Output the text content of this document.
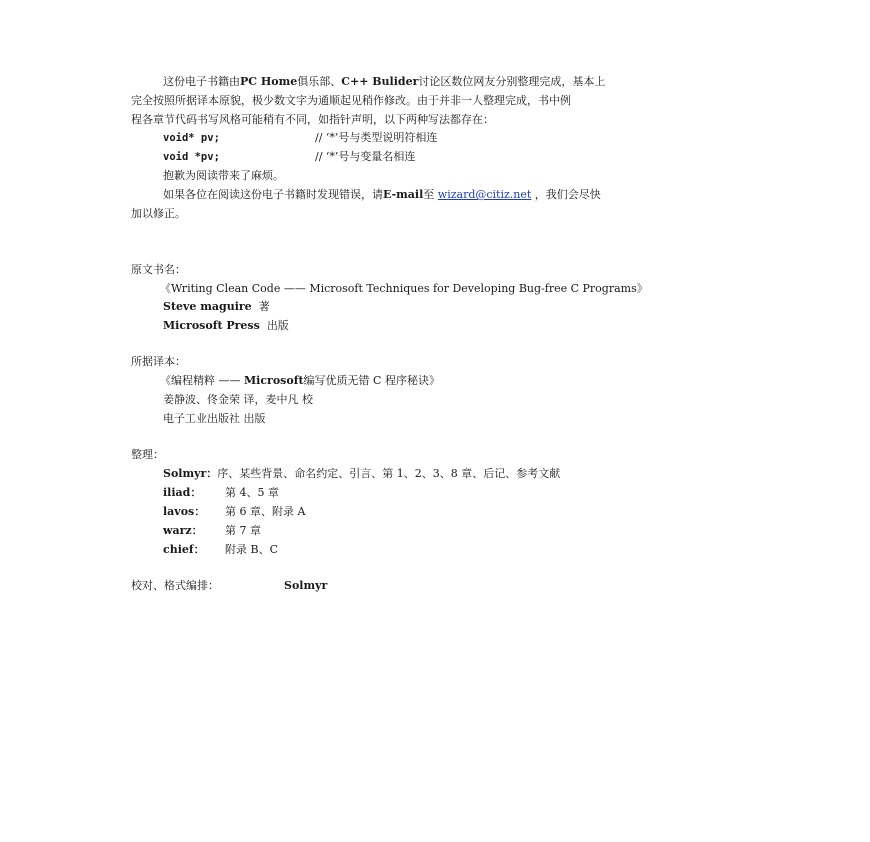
这份电子书籍由PC Home俱乐部、C++ Bulider讨论区数位网友分别整理完成，基本上
完全按照所据译本原貌，极少数文字为通顺起见稍作修改。由于并非一人整理完成，书中例
程各章节代码书写风格可能稍有不同，如指针声明，以下两种写法都存在：
void* pv;	// ‘*’号与类型说明符相连
void *pv;	// ‘*’号与变量名相连
抱歉为阅读带来了麻烦。
如果各位在阅读这份电子书籍时发现错误，请E-mail至 wizard@citiz.net ，我们会尽快
加以修正。
原文书名：
《Writing Clean Code —— Microsoft Techniques for Developing Bug-free C Programs》
Steve maguire 著
Microsoft Press 出版
所据译本：
《编程精粹 —— Microsoft编写优质无错 C 程序秘诀》
姜静波、佟金荣 译，麦中凡 校
电子工业出版社 出版
整理：
Solmyr：序、某些背景、命名约定、引言、第 1、2、3、8 章、后记、参考文献
iliad： 第 4、5 章
lavos： 第 6 章、附录 A
warz： 第 7 章
chief： 附录 B、C
校对、格式编排：	Solmyr
